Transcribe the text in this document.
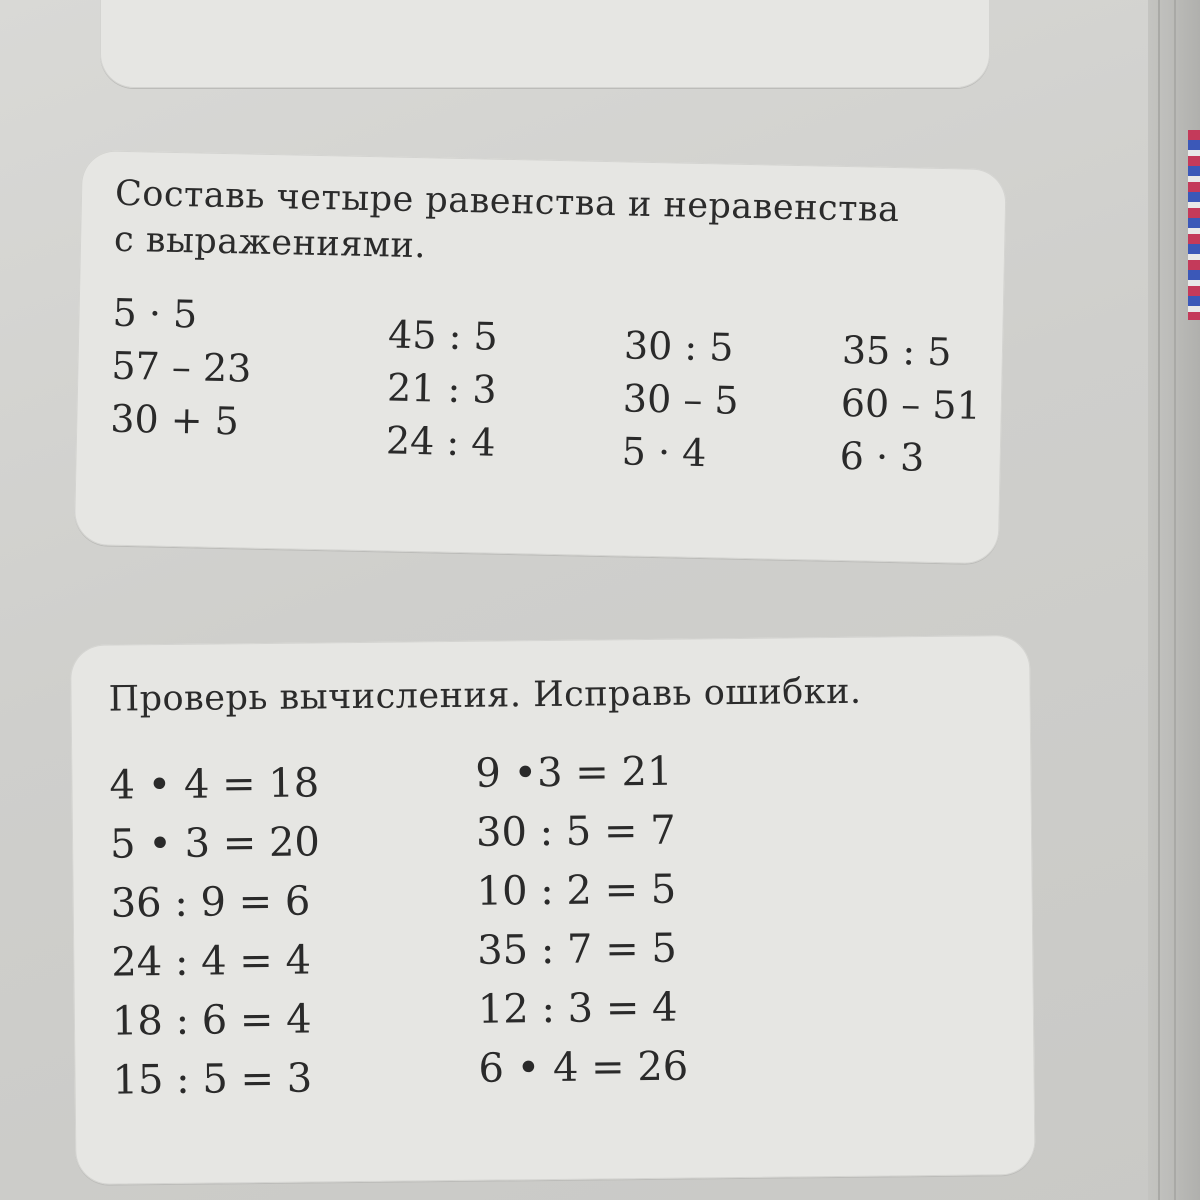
Составь четыре равенства и неравенства
с выражениями.
5 · 5
57 – 23
30 + 5
45 : 5
21 : 3
24 : 4
30 : 5
30 – 5
5 · 4
35 : 5
60 – 51
6 · 3
Проверь вычисления. Исправь ошибки.
4 • 4 = 18
5 • 3 = 20
36 : 9 = 6
24 : 4 = 4
18 : 6 = 4
15 : 5 = 3
9 •3 = 21
30 : 5 = 7
10 : 2 = 5
35 : 7 = 5
12 : 3 = 4
6 • 4 = 26
